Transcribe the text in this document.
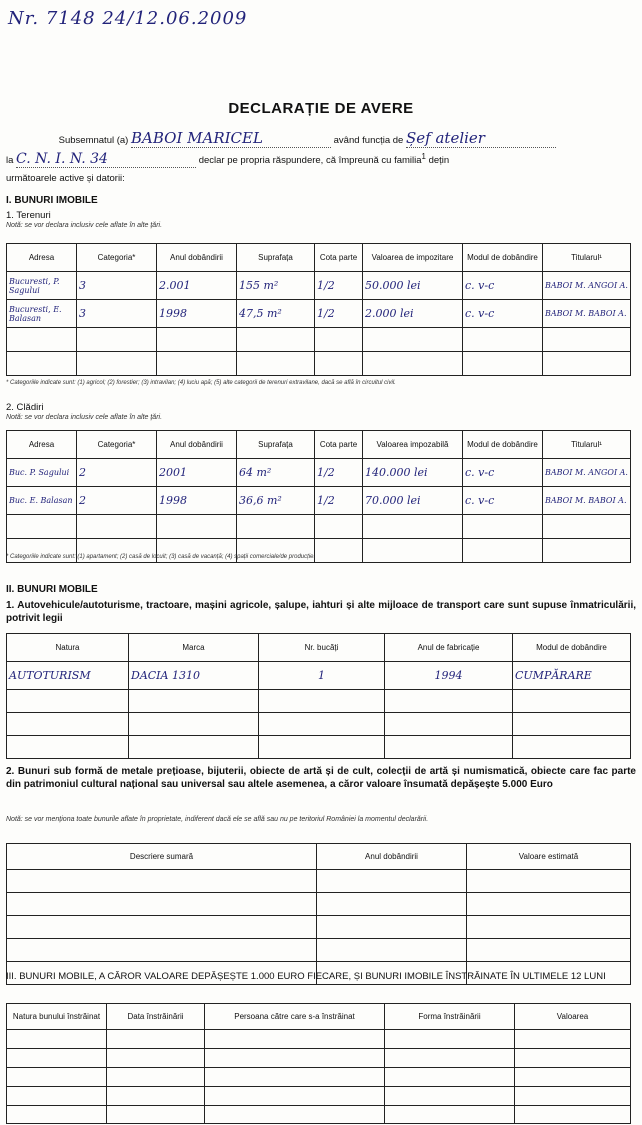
Nr. 7148 24/12.06.2009
DECLARAȚIE DE AVERE
Subsemnatul (a) BABOI MARICEL	având funcția de Șef atelier
la C. N. I. N. 34	declar pe propria răspundere, că împreună cu familia$^1$ dețin
următoarele active și datorii:
I. BUNURI IMOBILE
1. Terenuri
Notă: se vor declara inclusiv cele aflate în alte țări.
Adresa	Categoria*	Anul dobândirii	Suprafața	Cota parte	Valoarea de impozitare	Modul de dobândire	Titularul¹
Bucuresti, P. Sagului	3	2.001	155 m²	1/2	50.000 lei	c. v-c	BABOI M. ANGOI A.
Bucuresti, E. Balasan	3	1998	47,5 m²	1/2	2.000 lei	c. v-c	BABOI M. BABOI A.

* Categoriile indicate sunt: (1) agricol; (2) forestier; (3) intravilan; (4) luciu apă; (5) alte categorii de terenuri extravilane, dacă se află în circuitul civil.
2. Clădiri
Notă: se vor declara inclusiv cele aflate în alte țări.
Adresa	Categoria*	Anul dobândirii	Suprafața	Cota parte	Valoarea impozabilă	Modul de dobândire	Titularul¹
Buc. P. Sagului	2	2001	64 m²	1/2	140.000 lei	c. v-c	BABOI M. ANGOI A.
Buc. E. Balasan	2	1998	36,6 m²	1/2	70.000 lei	c. v-c	BABOI M. BABOI A.

* Categoriile indicate sunt: (1) apartament; (2) casă de locuit; (3) casă de vacanță; (4) spații comerciale/de producție.
II. BUNURI MOBILE
1. Autovehicule/autoturisme, tractoare, mașini agricole, șalupe, iahturi și alte mijloace de transport care sunt supuse înmatriculării, potrivit legii
Natura	Marca	Nr. bucăți	Anul de fabricație	Modul de dobândire
AUTOTURISM	DACIA 1310	1	1994	CUMPĂRARE

2. Bunuri sub formă de metale prețioase, bijuterii, obiecte de artă și de cult, colecții de artă și numismatică, obiecte care fac parte din patrimoniul cultural național sau universal sau altele asemenea, a căror valoare însumată depășește 5.000 Euro
Notă: se vor menționa toate bunurile aflate în proprietate, indiferent dacă ele se află sau nu pe teritoriul României la momentul declarării.
Descriere sumară	Anul dobândirii	Valoare estimată

III. BUNURI MOBILE, A CĂROR VALOARE DEPĂȘEȘTE 1.000 EURO FIECARE, ȘI BUNURI IMOBILE ÎNSTRĂINATE ÎN ULTIMELE 12 LUNI
Natura bunului înstrăinat	Data înstrăinării	Persoana către care s-a înstrăinat	Forma înstrăinării	Valoarea
